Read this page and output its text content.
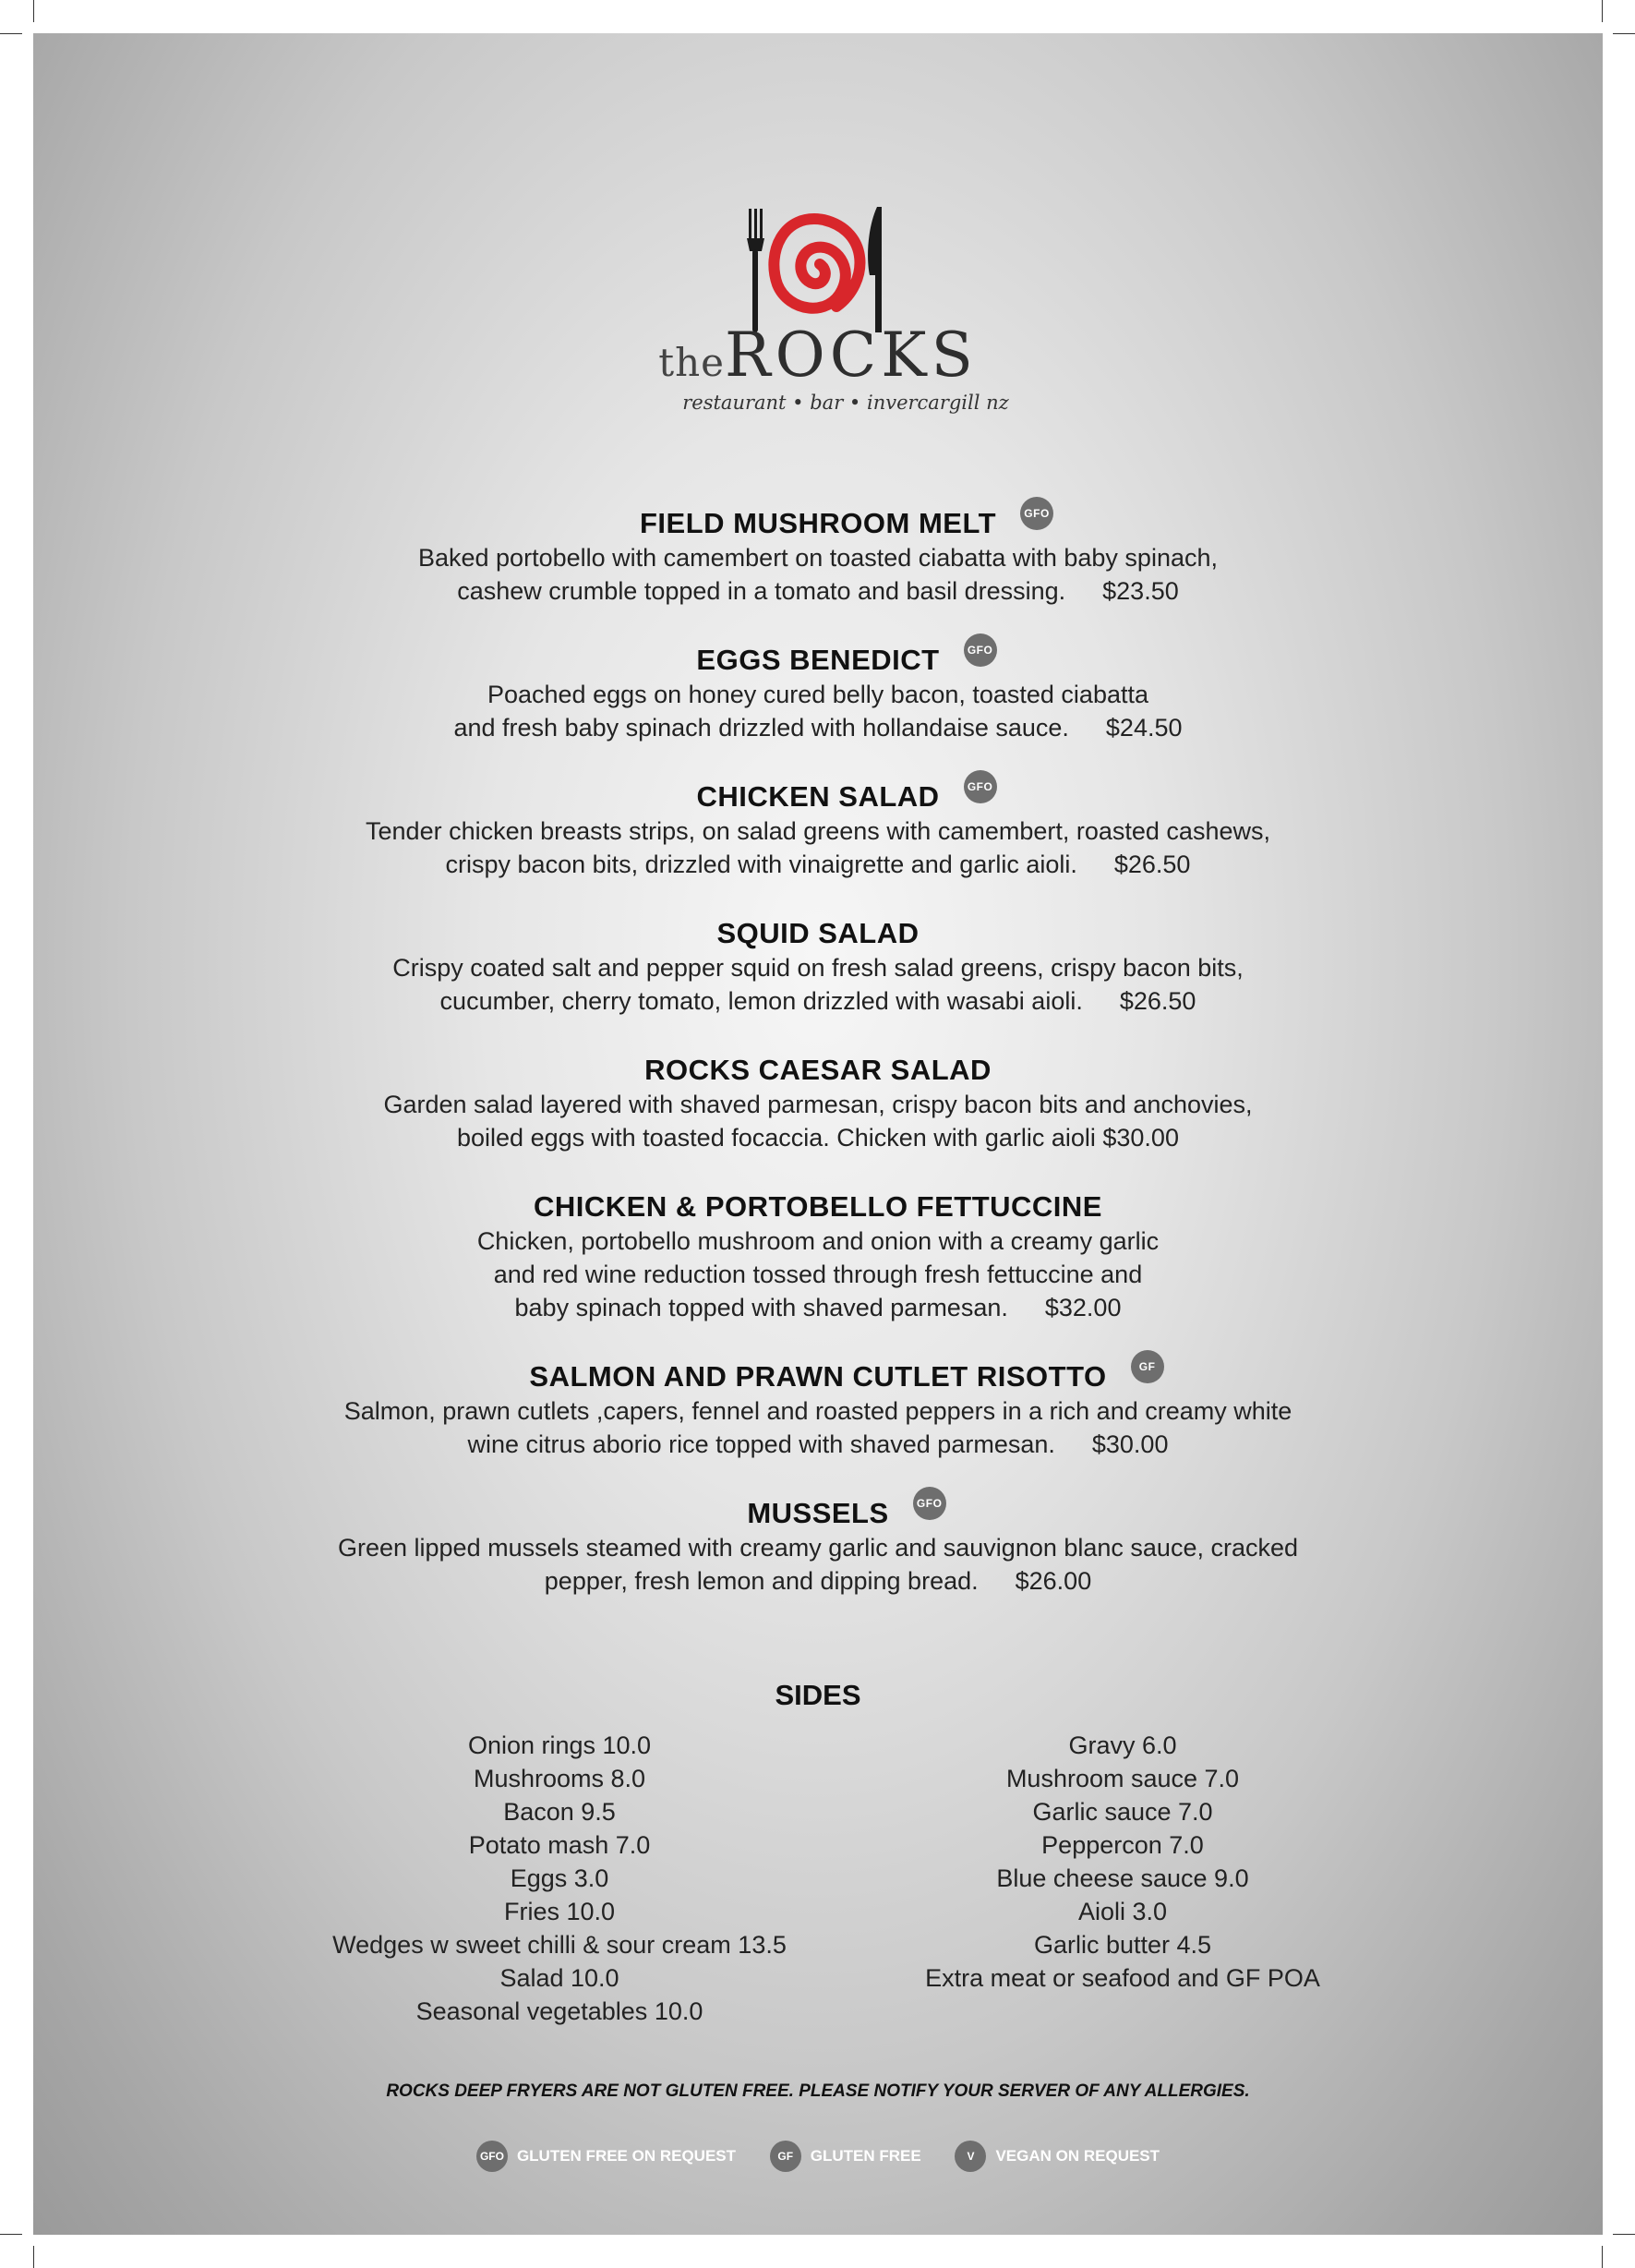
theROCKS
restaurant • bar • invercargill nz
FIELD MUSHROOM MELT	GFO
Baked portobello with camembert on toasted ciabatta with baby spinach,
cashew crumble topped in a tomato and basil dressing. $23.50
EGGS BENEDICT	GFO
Poached eggs on honey cured belly bacon, toasted ciabatta
and fresh baby spinach drizzled with hollandaise sauce. $24.50
CHICKEN SALAD	GFO
Tender chicken breasts strips, on salad greens with camembert, roasted cashews,
crispy bacon bits, drizzled with vinaigrette and garlic aioli. $26.50
SQUID SALAD
Crispy coated salt and pepper squid on fresh salad greens, crispy bacon bits,
cucumber, cherry tomato, lemon drizzled with wasabi aioli. $26.50
ROCKS CAESAR SALAD
Garden salad layered with shaved parmesan, crispy bacon bits and anchovies,
boiled eggs with toasted focaccia. Chicken with garlic aioli $30.00
CHICKEN & PORTOBELLO FETTUCCINE
Chicken, portobello mushroom and onion with a creamy garlic
and red wine reduction tossed through fresh fettuccine and
baby spinach topped with shaved parmesan. $32.00
SALMON AND PRAWN CUTLET RISOTTO	GF
Salmon, prawn cutlets ,capers, fennel and roasted peppers in a rich and creamy white
wine citrus aborio rice topped with shaved parmesan. $30.00
MUSSELS	GFO
Green lipped mussels steamed with creamy garlic and sauvignon blanc sauce, cracked
pepper, fresh lemon and dipping bread. $26.00
SIDES
Onion rings 10.0
Mushrooms 8.0
Bacon 9.5
Potato mash 7.0
Eggs 3.0
Fries 10.0
Wedges w sweet chilli & sour cream 13.5
Salad 10.0
Seasonal vegetables 10.0
Gravy 6.0
Mushroom sauce 7.0
Garlic sauce 7.0
Peppercon 7.0
Blue cheese sauce 9.0
Aioli 3.0
Garlic butter 4.5
Extra meat or seafood and GF POA
ROCKS DEEP FRYERS ARE NOT GLUTEN FREE. PLEASE NOTIFY YOUR SERVER OF ANY ALLERGIES.
GFO GLUTEN FREE ON REQUEST	GF GLUTEN FREE	V VEGAN ON REQUEST
